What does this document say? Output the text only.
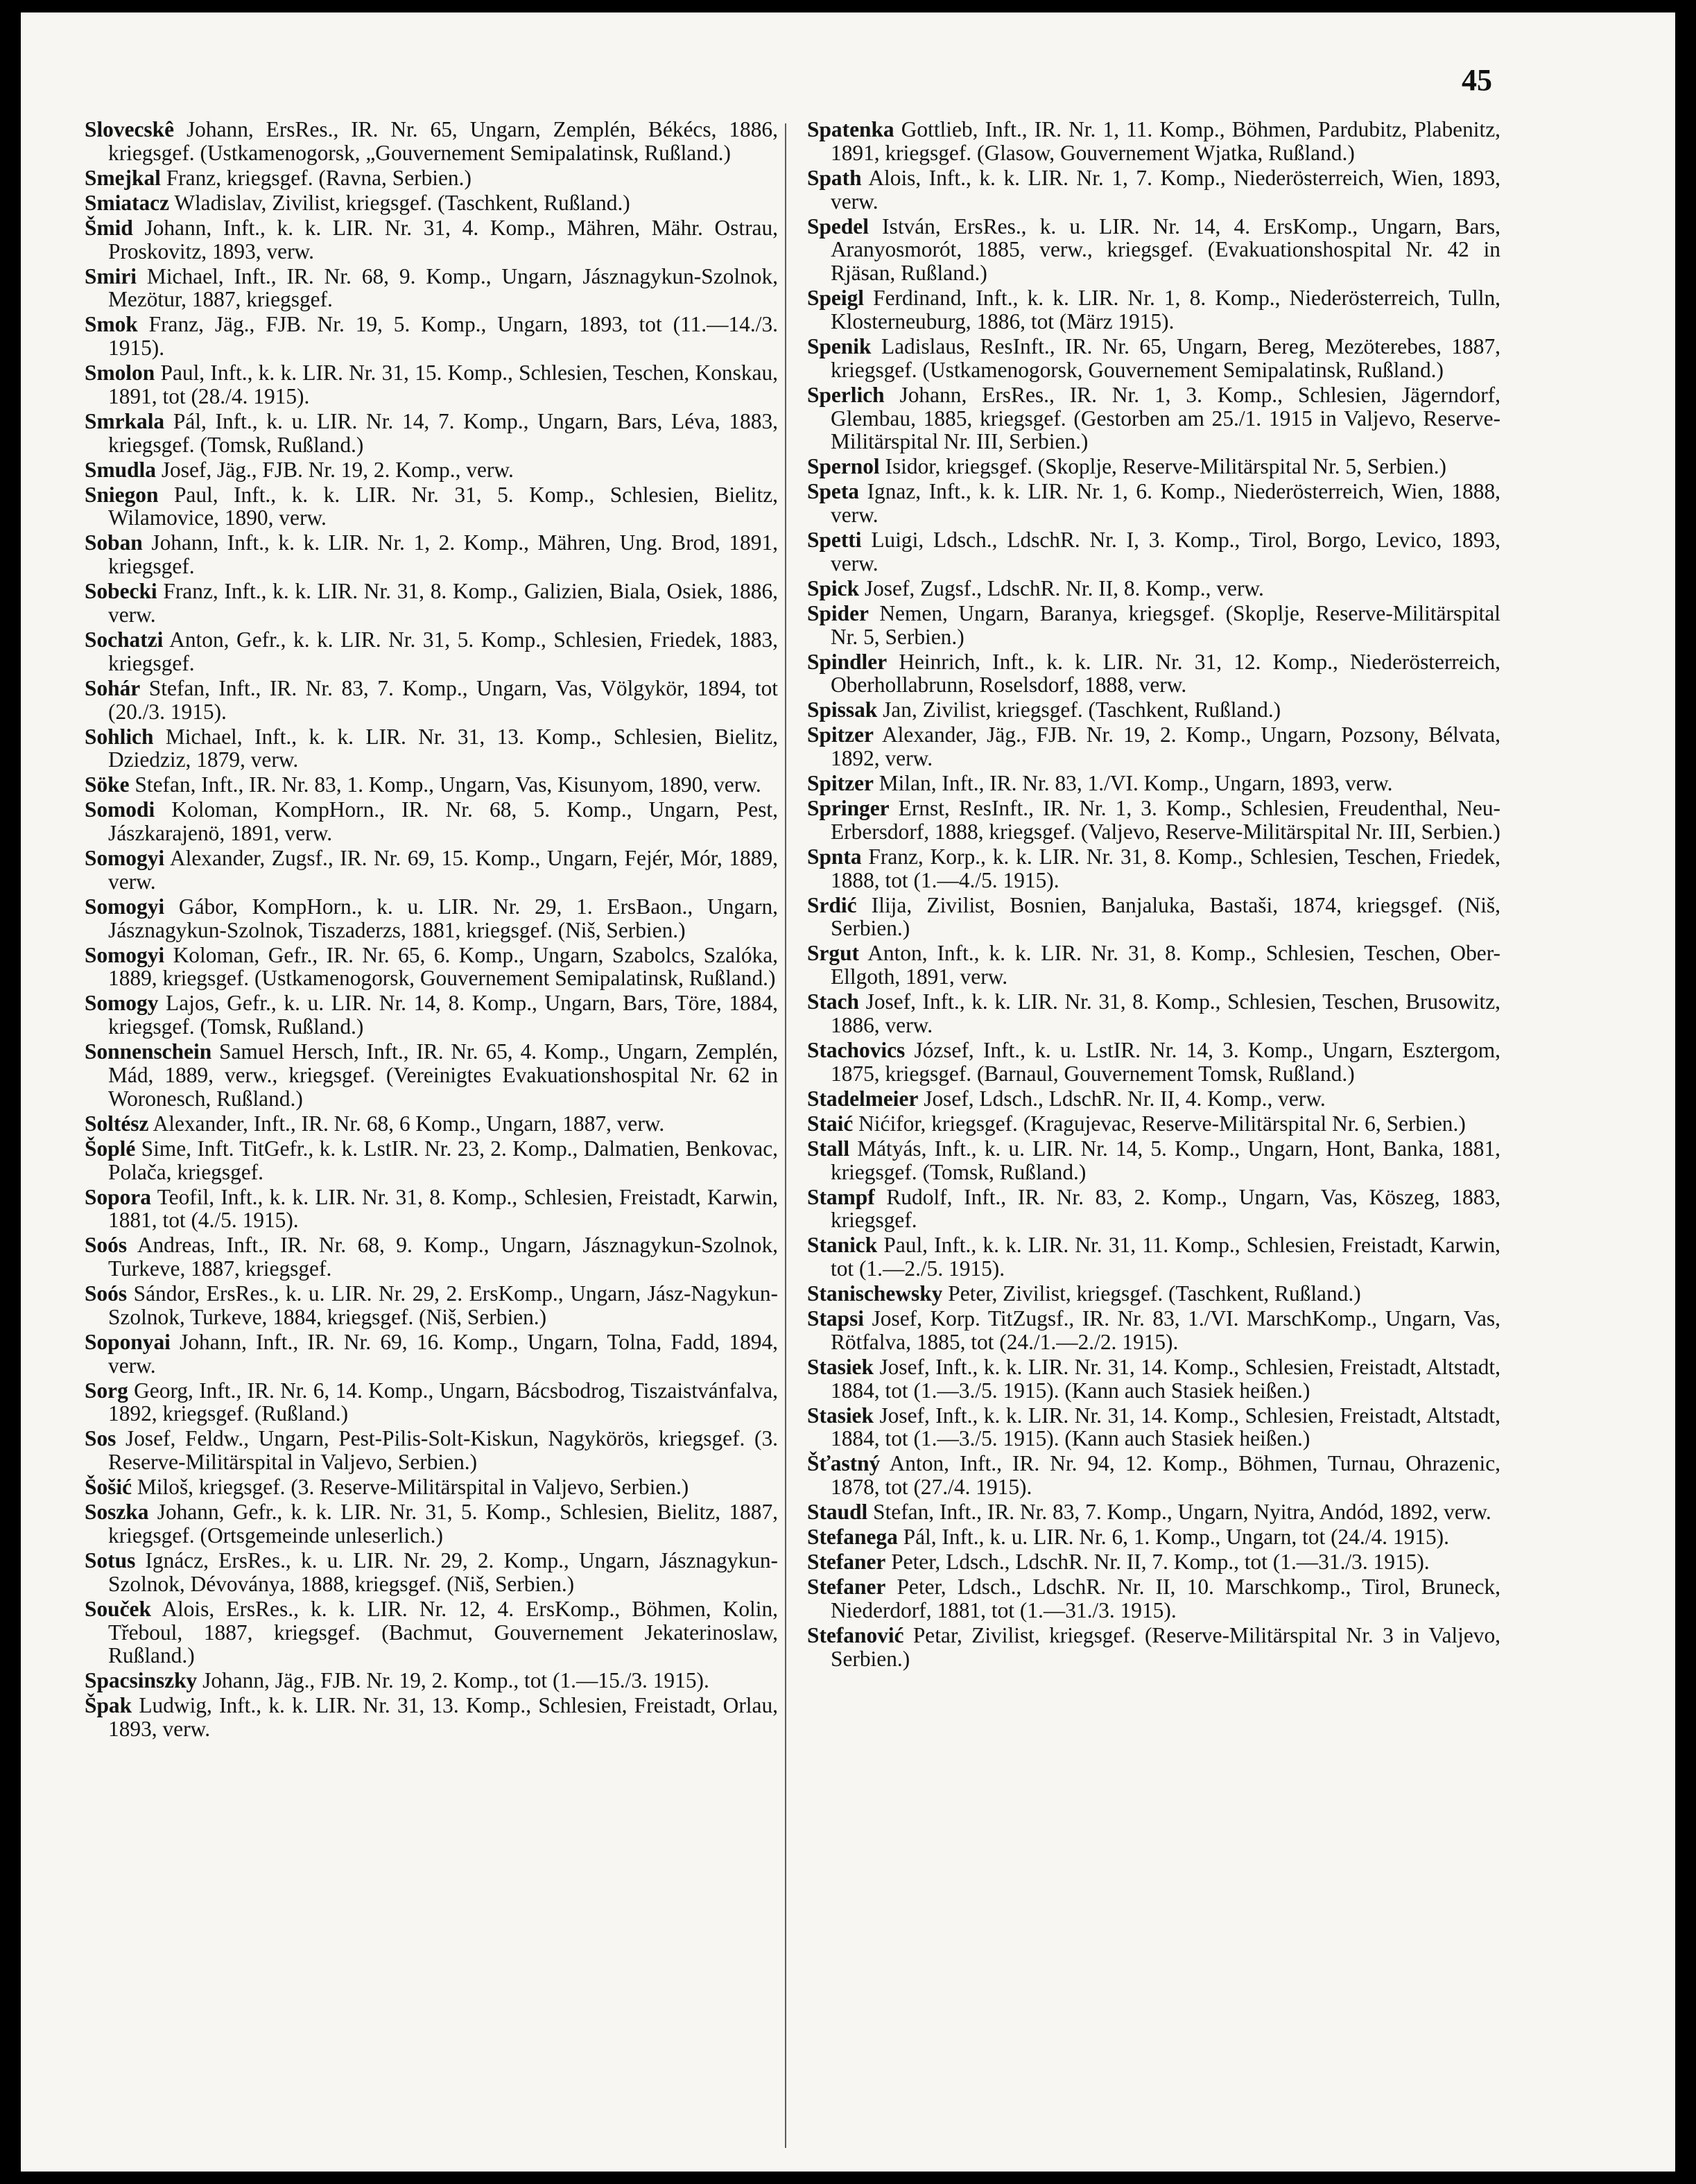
45

Slovecskê Johann, ErsRes., IR. Nr. 65, Ungarn, Zemplén, Békécs, 1886, kriegsgef. (Ustkamenogorsk, „Gouvernement Semipalatinsk, Rußland.)

Smejkal Franz, kriegsgef. (Ravna, Serbien.)

Smiatacz Wladislav, Zivilist, kriegsgef. (Taschkent, Rußland.)

Šmid Johann, Inft., k. k. LIR. Nr. 31, 4. Komp., Mähren, Mähr. Ostrau, Proskovitz, 1893, verw.

Smiri Michael, Inft., IR. Nr. 68, 9. Komp., Ungarn, Jásznagykun-Szolnok, Mezötur, 1887, kriegsgef.

Smok Franz, Jäg., FJB. Nr. 19, 5. Komp., Ungarn, 1893, tot (11.—14./3. 1915).

Smolon Paul, Inft., k. k. LIR. Nr. 31, 15. Komp., Schlesien, Teschen, Konskau, 1891, tot (28./4. 1915).

Smrkala Pál, Inft., k. u. LIR. Nr. 14, 7. Komp., Ungarn, Bars, Léva, 1883, kriegsgef. (Tomsk, Rußland.)

Smudla Josef, Jäg., FJB. Nr. 19, 2. Komp., verw.

Sniegon Paul, Inft., k. k. LIR. Nr. 31, 5. Komp., Schlesien, Bielitz, Wilamovice, 1890, verw.

Soban Johann, Inft., k. k. LIR. Nr. 1, 2. Komp., Mähren, Ung. Brod, 1891, kriegsgef.

Sobecki Franz, Inft., k. k. LIR. Nr. 31, 8. Komp., Galizien, Biala, Osiek, 1886, verw.

Sochatzi Anton, Gefr., k. k. LIR. Nr. 31, 5. Komp., Schlesien, Friedek, 1883, kriegsgef.

Sohár Stefan, Inft., IR. Nr. 83, 7. Komp., Ungarn, Vas, Völgykör, 1894, tot (20./3. 1915).

Sohlich Michael, Inft., k. k. LIR. Nr. 31, 13. Komp., Schlesien, Bielitz, Dziedziz, 1879, verw.

Söke Stefan, Inft., IR. Nr. 83, 1. Komp., Ungarn, Vas, Kisunyom, 1890, verw.

Somodi Koloman, KompHorn., IR. Nr. 68, 5. Komp., Ungarn, Pest, Jászkarajenö, 1891, verw.

Somogyi Alexander, Zugsf., IR. Nr. 69, 15. Komp., Ungarn, Fejér, Mór, 1889, verw.

Somogyi Gábor, KompHorn., k. u. LIR. Nr. 29, 1. ErsBaon., Ungarn, Jásznagykun-Szolnok, Tiszaderzs, 1881, kriegsgef. (Niš, Serbien.)

Somogyi Koloman, Gefr., IR. Nr. 65, 6. Komp., Ungarn, Szabolcs, Szalóka, 1889, kriegsgef. (Ustkamenogorsk, Gouvernement Semipalatinsk, Rußland.)

Somogy Lajos, Gefr., k. u. LIR. Nr. 14, 8. Komp., Ungarn, Bars, Töre, 1884, kriegsgef. (Tomsk, Rußland.)

Sonnenschein Samuel Hersch, Inft., IR. Nr. 65, 4. Komp., Ungarn, Zemplén, Mád, 1889, verw., kriegsgef. (Vereinigtes Evakuationshospital Nr. 62 in Woronesch, Rußland.)

Soltész Alexander, Inft., IR. Nr. 68, 6 Komp., Ungarn, 1887, verw.

Šoplé Sime, Inft. TitGefr., k. k. LstIR. Nr. 23, 2. Komp., Dalmatien, Benkovac, Polača, kriegsgef.

Sopora Teofil, Inft., k. k. LIR. Nr. 31, 8. Komp., Schlesien, Freistadt, Karwin, 1881, tot (4./5. 1915).

Soós Andreas, Inft., IR. Nr. 68, 9. Komp., Ungarn, Jásznagykun-Szolnok, Turkeve, 1887, kriegsgef.

Soós Sándor, ErsRes., k. u. LIR. Nr. 29, 2. ErsKomp., Ungarn, Jász-Nagykun-Szolnok, Turkeve, 1884, kriegsgef. (Niš, Serbien.)

Soponyai Johann, Inft., IR. Nr. 69, 16. Komp., Ungarn, Tolna, Fadd, 1894, verw.

Sorg Georg, Inft., IR. Nr. 6, 14. Komp., Ungarn, Bácsbodrog, Tiszaistvánfalva, 1892, kriegsgef. (Rußland.)

Sos Josef, Feldw., Ungarn, Pest-Pilis-Solt-Kiskun, Nagykörös, kriegsgef. (3. Reserve-Militärspital in Valjevo, Serbien.)

Šošić Miloš, kriegsgef. (3. Reserve-Militärspital in Valjevo, Serbien.)

Soszka Johann, Gefr., k. k. LIR. Nr. 31, 5. Komp., Schlesien, Bielitz, 1887, kriegsgef. (Ortsgemeinde unleserlich.)

Sotus Ignácz, ErsRes., k. u. LIR. Nr. 29, 2. Komp., Ungarn, Jásznagykun-Szolnok, Dévoványa, 1888, kriegsgef. (Niš, Serbien.)

Souček Alois, ErsRes., k. k. LIR. Nr. 12, 4. ErsKomp., Böhmen, Kolin, Třeboul, 1887, kriegsgef. (Bachmut, Gouvernement Jekaterinoslaw, Rußland.)

Spacsinszky Johann, Jäg., FJB. Nr. 19, 2. Komp., tot (1.—15./3. 1915).

Špak Ludwig, Inft., k. k. LIR. Nr. 31, 13. Komp., Schlesien, Freistadt, Orlau, 1893, verw.

Spatenka Gottlieb, Inft., IR. Nr. 1, 11. Komp., Böhmen, Pardubitz, Plabenitz, 1891, kriegsgef. (Glasow, Gouvernement Wjatka, Rußland.)

Spath Alois, Inft., k. k. LIR. Nr. 1, 7. Komp., Niederösterreich, Wien, 1893, verw.

Spedel István, ErsRes., k. u. LIR. Nr. 14, 4. ErsKomp., Ungarn, Bars, Aranyosmorót, 1885, verw., kriegsgef. (Evakuationshospital Nr. 42 in Rjäsan, Rußland.)

Speigl Ferdinand, Inft., k. k. LIR. Nr. 1, 8. Komp., Niederösterreich, Tulln, Klosterneuburg, 1886, tot (März 1915).

Spenik Ladislaus, ResInft., IR. Nr. 65, Ungarn, Bereg, Mezöterebes, 1887, kriegsgef. (Ustkamenogorsk, Gouvernement Semipalatinsk, Rußland.)

Sperlich Johann, ErsRes., IR. Nr. 1, 3. Komp., Schlesien, Jägerndorf, Glembau, 1885, kriegsgef. (Gestorben am 25./1. 1915 in Valjevo, Reserve-Militärspital Nr. III, Serbien.)

Spernol Isidor, kriegsgef. (Skoplje, Reserve-Militärspital Nr. 5, Serbien.)

Speta Ignaz, Inft., k. k. LIR. Nr. 1, 6. Komp., Niederösterreich, Wien, 1888, verw.

Spetti Luigi, Ldsch., LdschR. Nr. I, 3. Komp., Tirol, Borgo, Levico, 1893, verw.

Spick Josef, Zugsf., LdschR. Nr. II, 8. Komp., verw.

Spider Nemen, Ungarn, Baranya, kriegsgef. (Skoplje, Reserve-Militärspital Nr. 5, Serbien.)

Spindler Heinrich, Inft., k. k. LIR. Nr. 31, 12. Komp., Niederösterreich, Oberhollabrunn, Roselsdorf, 1888, verw.

Spissak Jan, Zivilist, kriegsgef. (Taschkent, Rußland.)

Spitzer Alexander, Jäg., FJB. Nr. 19, 2. Komp., Ungarn, Pozsony, Bélvata, 1892, verw.

Spitzer Milan, Inft., IR. Nr. 83, 1./VI. Komp., Ungarn, 1893, verw.

Springer Ernst, ResInft., IR. Nr. 1, 3. Komp., Schlesien, Freudenthal, Neu-Erbersdorf, 1888, kriegsgef. (Valjevo, Reserve-Militärspital Nr. III, Serbien.)

Spnta Franz, Korp., k. k. LIR. Nr. 31, 8. Komp., Schlesien, Teschen, Friedek, 1888, tot (1.—4./5. 1915).

Srdić Ilija, Zivilist, Bosnien, Banjaluka, Bastaši, 1874, kriegsgef. (Niš, Serbien.)

Srgut Anton, Inft., k. k. LIR. Nr. 31, 8. Komp., Schlesien, Teschen, Ober-Ellgoth, 1891, verw.

Stach Josef, Inft., k. k. LIR. Nr. 31, 8. Komp., Schlesien, Teschen, Brusowitz, 1886, verw.

Stachovics József, Inft., k. u. LstIR. Nr. 14, 3. Komp., Ungarn, Esztergom, 1875, kriegsgef. (Barnaul, Gouvernement Tomsk, Rußland.)

Stadelmeier Josef, Ldsch., LdschR. Nr. II, 4. Komp., verw.

Staić Nićifor, kriegsgef. (Kragujevac, Reserve-Militärspital Nr. 6, Serbien.)

Stall Mátyás, Inft., k. u. LIR. Nr. 14, 5. Komp., Ungarn, Hont, Banka, 1881, kriegsgef. (Tomsk, Rußland.)

Stampf Rudolf, Inft., IR. Nr. 83, 2. Komp., Ungarn, Vas, Köszeg, 1883, kriegsgef.

Stanick Paul, Inft., k. k. LIR. Nr. 31, 11. Komp., Schlesien, Freistadt, Karwin, tot (1.—2./5. 1915).

Stanischewsky Peter, Zivilist, kriegsgef. (Taschkent, Rußland.)

Stapsi Josef, Korp. TitZugsf., IR. Nr. 83, 1./VI. MarschKomp., Ungarn, Vas, Rötfalva, 1885, tot (24./1.—2./2. 1915).

Stasiek Josef, Inft., k. k. LIR. Nr. 31, 14. Komp., Schlesien, Freistadt, Altstadt, 1884, tot (1.—3./5. 1915). (Kann auch Stasiek heißen.)

Stasiek Josef, Inft., k. k. LIR. Nr. 31, 14. Komp., Schlesien, Freistadt, Altstadt, 1884, tot (1.—3./5. 1915). (Kann auch Stasiek heißen.)

Šťastný Anton, Inft., IR. Nr. 94, 12. Komp., Böhmen, Turnau, Ohrazenic, 1878, tot (27./4. 1915).

Staudl Stefan, Inft., IR. Nr. 83, 7. Komp., Ungarn, Nyitra, Andód, 1892, verw.

Stefanega Pál, Inft., k. u. LIR. Nr. 6, 1. Komp., Ungarn, tot (24./4. 1915).

Stefaner Peter, Ldsch., LdschR. Nr. II, 7. Komp., tot (1.—31./3. 1915).

Stefaner Peter, Ldsch., LdschR. Nr. II, 10. Marschkomp., Tirol, Bruneck, Niederdorf, 1881, tot (1.—31./3. 1915).

Stefanović Petar, Zivilist, kriegsgef. (Reserve-Militärspital Nr. 3 in Valjevo, Serbien.)
